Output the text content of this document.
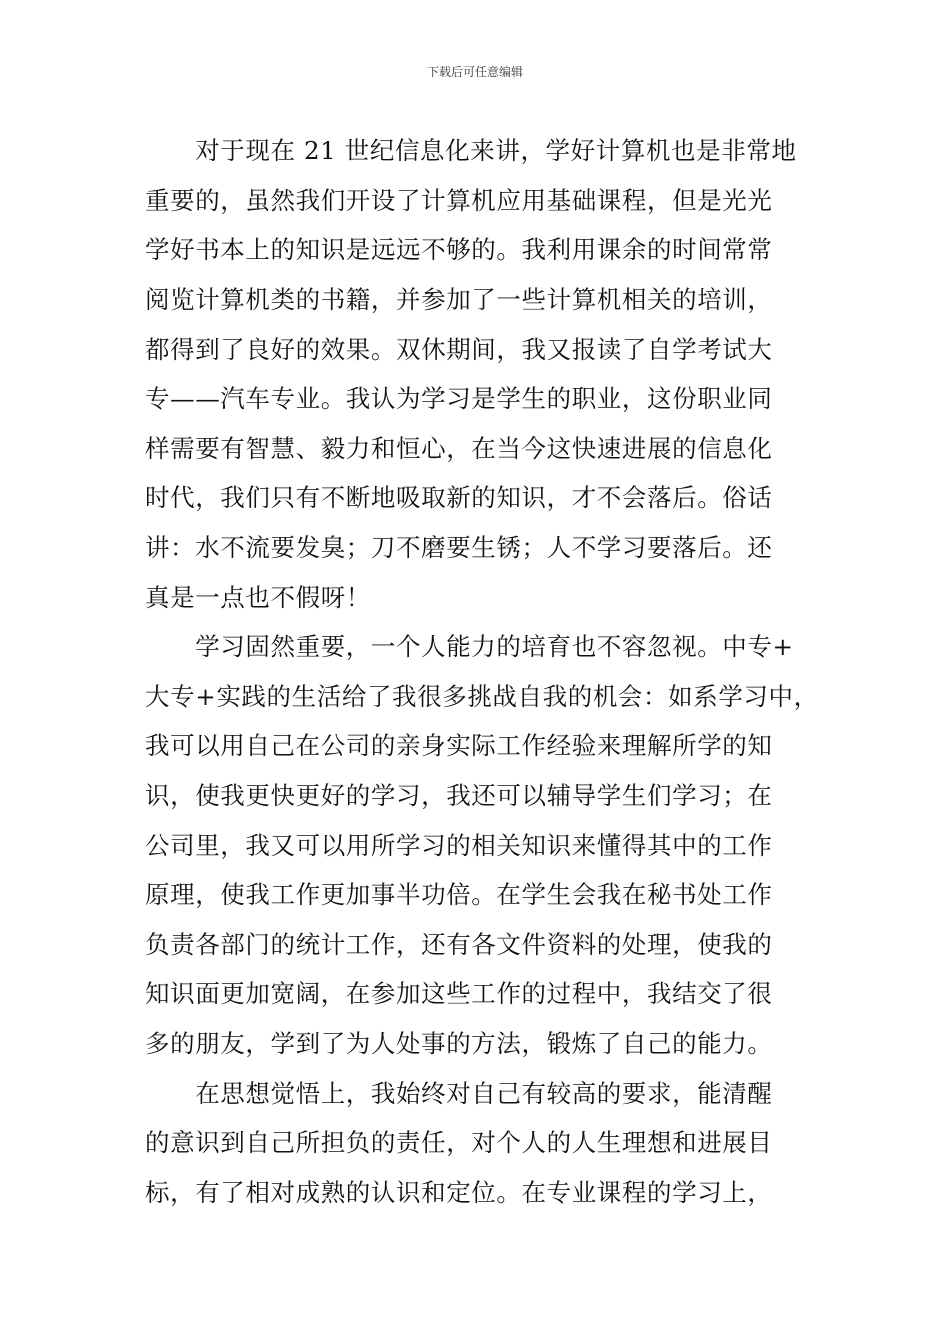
下载后可任意编辑
　　对于现在 21 世纪信息化来讲，学好计算机也是非常地
重要的，虽然我们开设了计算机应用基础课程，但是光光
学好书本上的知识是远远不够的。我利用课余的时间常常
阅览计算机类的书籍，并参加了一些计算机相关的培训，
都得到了良好的效果。双休期间，我又报读了自学考试大
专——汽车专业。我认为学习是学生的职业，这份职业同
样需要有智慧、毅力和恒心，在当今这快速进展的信息化
时代，我们只有不断地吸取新的知识，才不会落后。俗话
讲：水不流要发臭；刀不磨要生锈；人不学习要落后。还
真是一点也不假呀！
　　学习固然重要，一个人能力的培育也不容忽视。中专+
大专+实践的生活给了我很多挑战自我的机会：如系学习中，
我可以用自己在公司的亲身实际工作经验来理解所学的知
识，使我更快更好的学习，我还可以辅导学生们学习；在
公司里，我又可以用所学习的相关知识来懂得其中的工作
原理，使我工作更加事半功倍。在学生会我在秘书处工作
负责各部门的统计工作，还有各文件资料的处理，使我的
知识面更加宽阔，在参加这些工作的过程中，我结交了很
多的朋友，学到了为人处事的方法，锻炼了自己的能力。
　　在思想觉悟上，我始终对自己有较高的要求，能清醒
的意识到自己所担负的责任，对个人的人生理想和进展目
标，有了相对成熟的认识和定位。在专业课程的学习上，
